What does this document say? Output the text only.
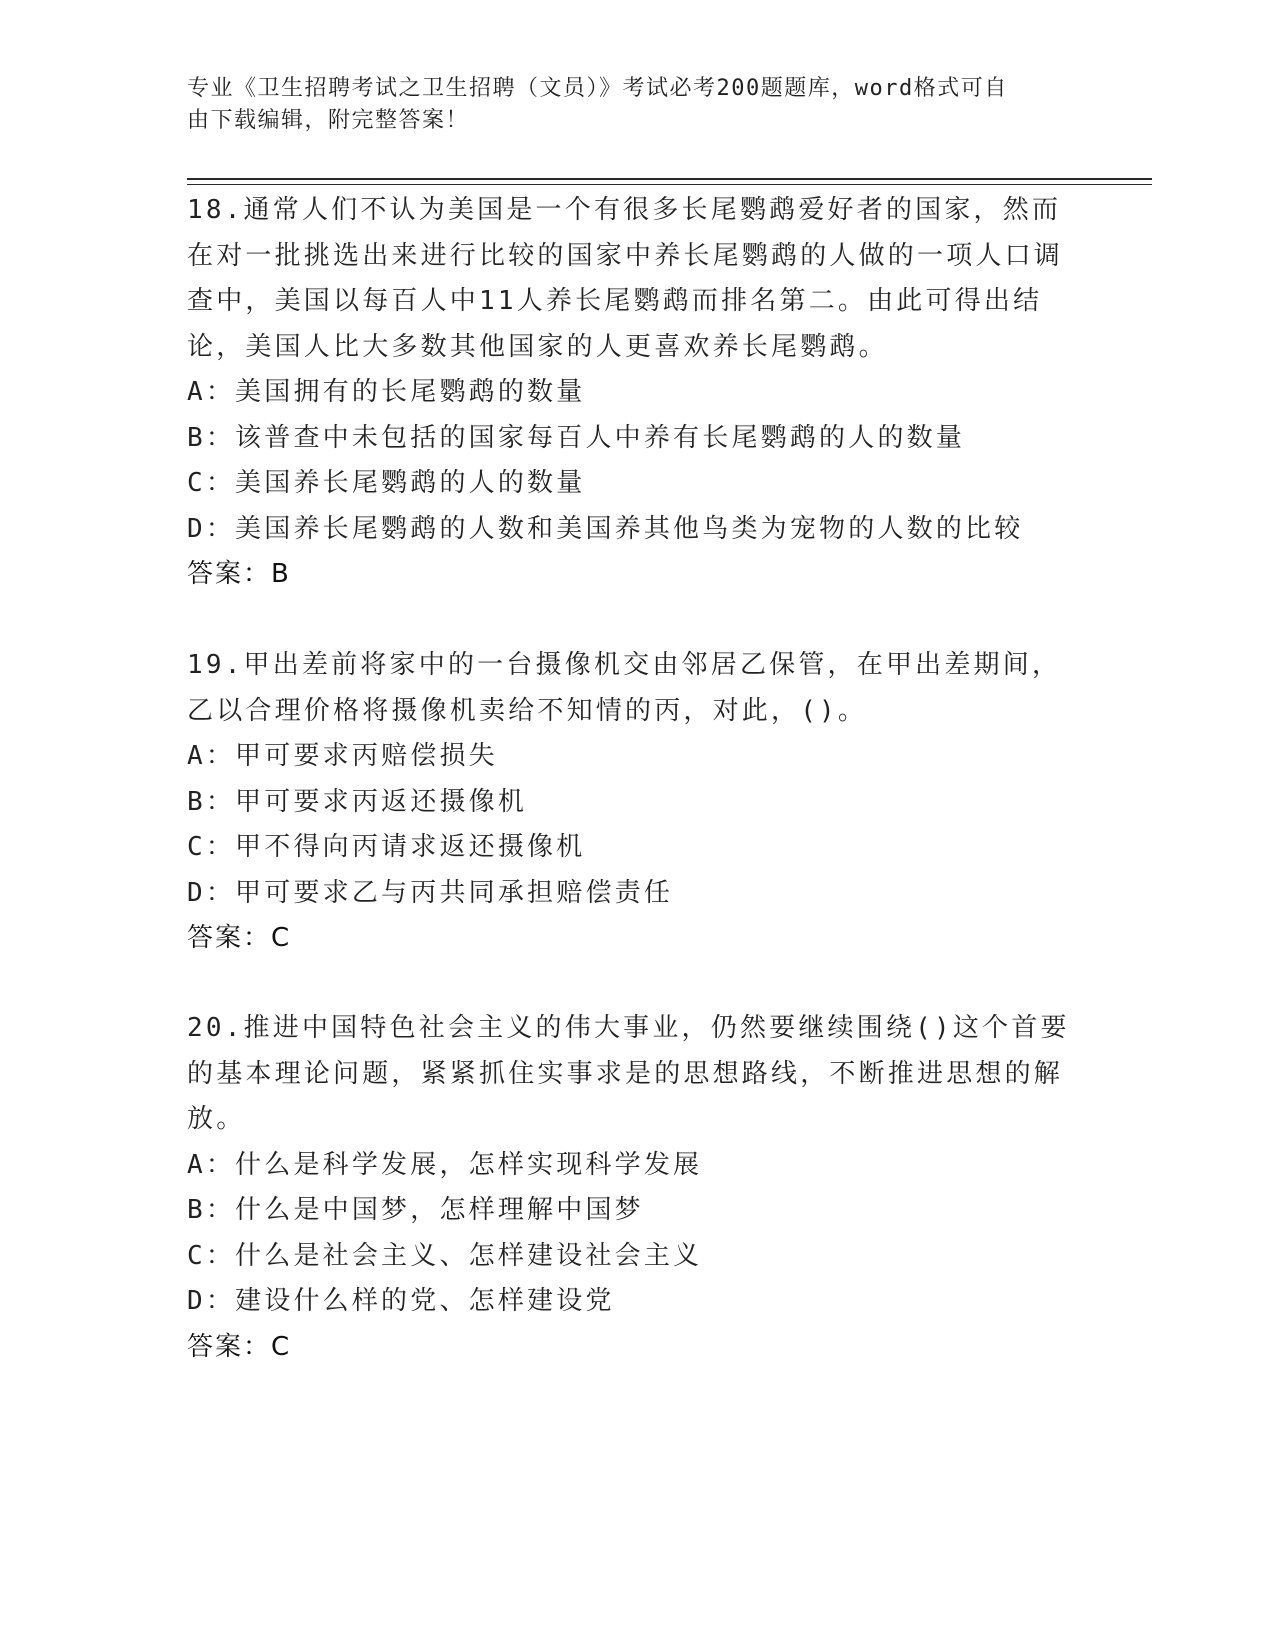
专业《卫生招聘考试之卫生招聘（文员）》考试必考200题题库，word格式可自
由下载编辑，附完整答案！
18.通常人们不认为美国是一个有很多长尾鹦鹉爱好者的国家，然而在对一批挑选出来进行比较的国家中养长尾鹦鹉的人做的一项人口调查中，美国以每百人中11人养长尾鹦鹉而排名第二。由此可得出结论，美国人比大多数其他国家的人更喜欢养长尾鹦鹉。
A：美国拥有的长尾鹦鹉的数量
B：该普查中未包括的国家每百人中养有长尾鹦鹉的人的数量
C：美国养长尾鹦鹉的人的数量
D：美国养长尾鹦鹉的人数和美国养其他鸟类为宠物的人数的比较
答案：B
19.甲出差前将家中的一台摄像机交由邻居乙保管，在甲出差期间，乙以合理价格将摄像机卖给不知情的丙，对此，()。
A：甲可要求丙赔偿损失
B：甲可要求丙返还摄像机
C：甲不得向丙请求返还摄像机
D：甲可要求乙与丙共同承担赔偿责任
答案：C
20.推进中国特色社会主义的伟大事业，仍然要继续围绕()这个首要的基本理论问题，紧紧抓住实事求是的思想路线，不断推进思想的解放。
A：什么是科学发展，怎样实现科学发展
B：什么是中国梦，怎样理解中国梦
C：什么是社会主义、怎样建设社会主义
D：建设什么样的党、怎样建设党
答案：C
